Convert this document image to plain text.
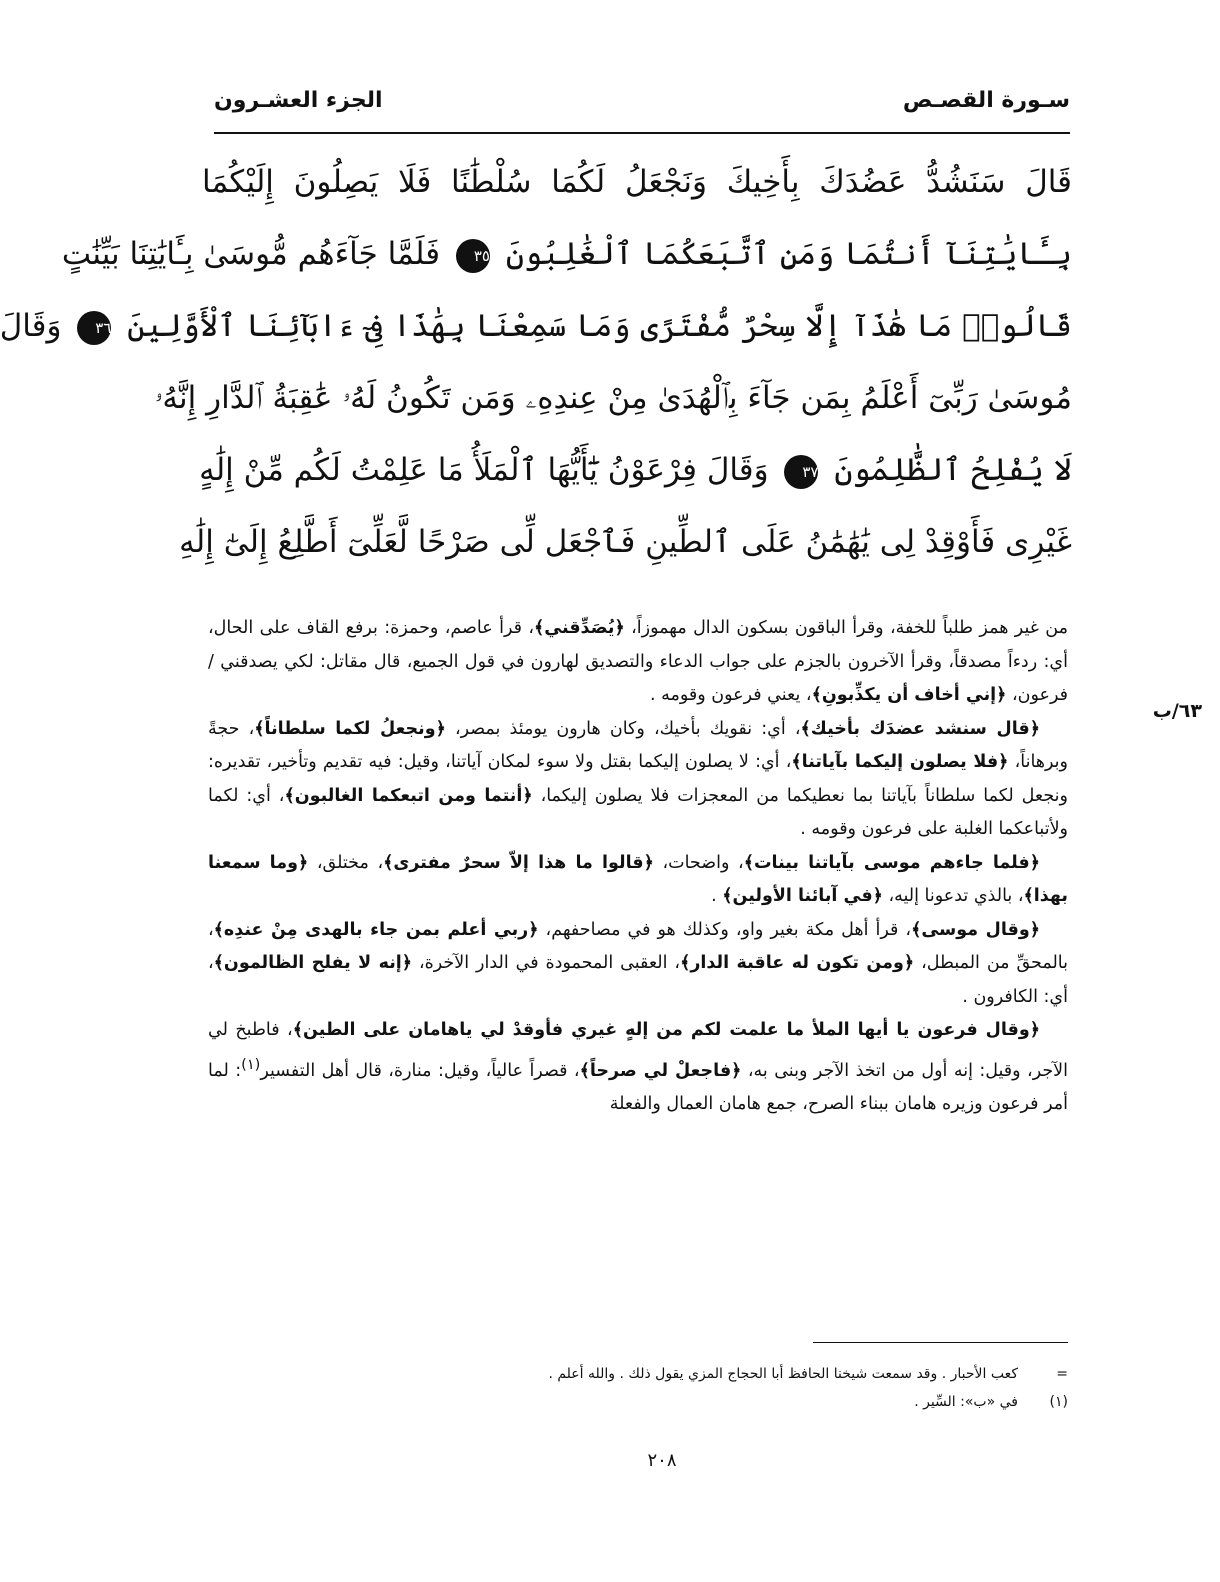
سـورة القصـص
الجزء العشـرون
قَالَ سَنَشُدُّ عَضُدَكَ بِأَخِيكَ وَنَجْعَلُ لَكُمَا سُلْطَٰنًا فَلَا يَصِلُونَ إِلَيْكُمَا
بِـَٔايَٰتِنَآ أَنتُمَا وَمَنِ ٱتَّبَعَكُمَا ٱلْغَٰلِبُونَ ٣٥ فَلَمَّا جَآءَهُم مُّوسَىٰ بِـَٔايَٰتِنَا بَيِّنَٰتٍ
قَالُوا۟ مَا هَٰذَآ إِلَّا سِحْرٌ مُّفْتَرًى وَمَا سَمِعْنَا بِهَٰذَا فِىٓ ءَابَآئِنَا ٱلْأَوَّلِينَ ٣٦ وَقَالَ
مُوسَىٰ رَبِّىٓ أَعْلَمُ بِمَن جَآءَ بِٱلْهُدَىٰ مِنْ عِندِهِۦ وَمَن تَكُونُ لَهُۥ عَٰقِبَةُ ٱلدَّارِ إِنَّهُۥ
لَا يُفْلِحُ ٱلظَّٰلِمُونَ ٣٧ وَقَالَ فِرْعَوْنُ يَٰٓأَيُّهَا ٱلْمَلَأُ مَا عَلِمْتُ لَكُم مِّنْ إِلَٰهٍ
غَيْرِى فَأَوْقِدْ لِى يَٰهَٰمَٰنُ عَلَى ٱلطِّينِ فَٱجْعَل لِّى صَرْحًا لَّعَلِّىٓ أَطَّلِعُ إِلَىٰٓ إِلَٰهِ
٦٣/ب

من غير همز طلباً للخفة، وقرأ الباقون بسكون الدال مهموزاً، ﴿يُصَدِّقني﴾، قرأ عاصم، وحمزة: برفع القاف على الحال، أي: ردءاً مصدقاً، وقرأ الآخرون بالجزم على جواب الدعاء والتصديق لهارون في قول الجميع، قال مقاتل: لكي يصدقني / فرعون، ﴿إني أخاف أن يكذِّبونِ﴾، يعني فرعون وقومه .

﴿قال سنشد عضدَك بأخيك﴾، أي: نقويك بأخيك، وكان هارون يومئذ بمصر، ﴿ونجعلُ لكما سلطاناً﴾، حجةً وبرهاناً، ﴿فلا يصلون إليكما بآياتنا﴾، أي: لا يصلون إليكما بقتل ولا سوء لمكان آياتنا، وقيل: فيه تقديم وتأخير، تقديره: ونجعل لكما سلطاناً بآياتنا بما نعطيكما من المعجزات فلا يصلون إليكما، ﴿أنتما ومن اتبعكما الغالبون﴾، أي: لكما ولأتباعكما الغلبة على فرعون وقومه .

﴿فلما جاءهم موسى بآياتنا بينات﴾، واضحات، ﴿قالوا ما هذا إلاّ سحرٌ مفترى﴾، مختلق، ﴿وما سمعنا بهذا﴾، بالذي تدعونا إليه، ﴿في آبائنا الأولين﴾ .

﴿وقال موسى﴾، قرأ أهل مكة بغير واو، وكذلك هو في مصاحفهم، ﴿ربي أعلم بمن جاء بالهدى مِنْ عندِه﴾، بالمحقِّ من المبطل، ﴿ومن تكون له عاقبة الدار﴾، العقبى المحمودة في الدار الآخرة، ﴿إنه لا يفلح الظالمون﴾، أي: الكافرون .

﴿وقال فرعون يا أيها الملأ ما علمت لكم من إلهٍ غيري فأوقدْ لي ياهامان على الطين﴾، فاطبخ لي الآجر، وقيل: إنه أول من اتخذ الآجر وبنى به، ﴿فاجعلْ لي صرحاً﴾، قصراً عالياً، وقيل: منارة، قال أهل التفسير$^{(١)}$: لما أمر فرعون وزيره هامان ببناء الصرح، جمع هامان العمال والفعلة

=
كعب الأحبار . وقد سمعت شيخنا الحافظ أبا الحجاج المزي يقول ذلك . والله أعلم .
(١)
في «ب»: السِّير .
٢٠٨
